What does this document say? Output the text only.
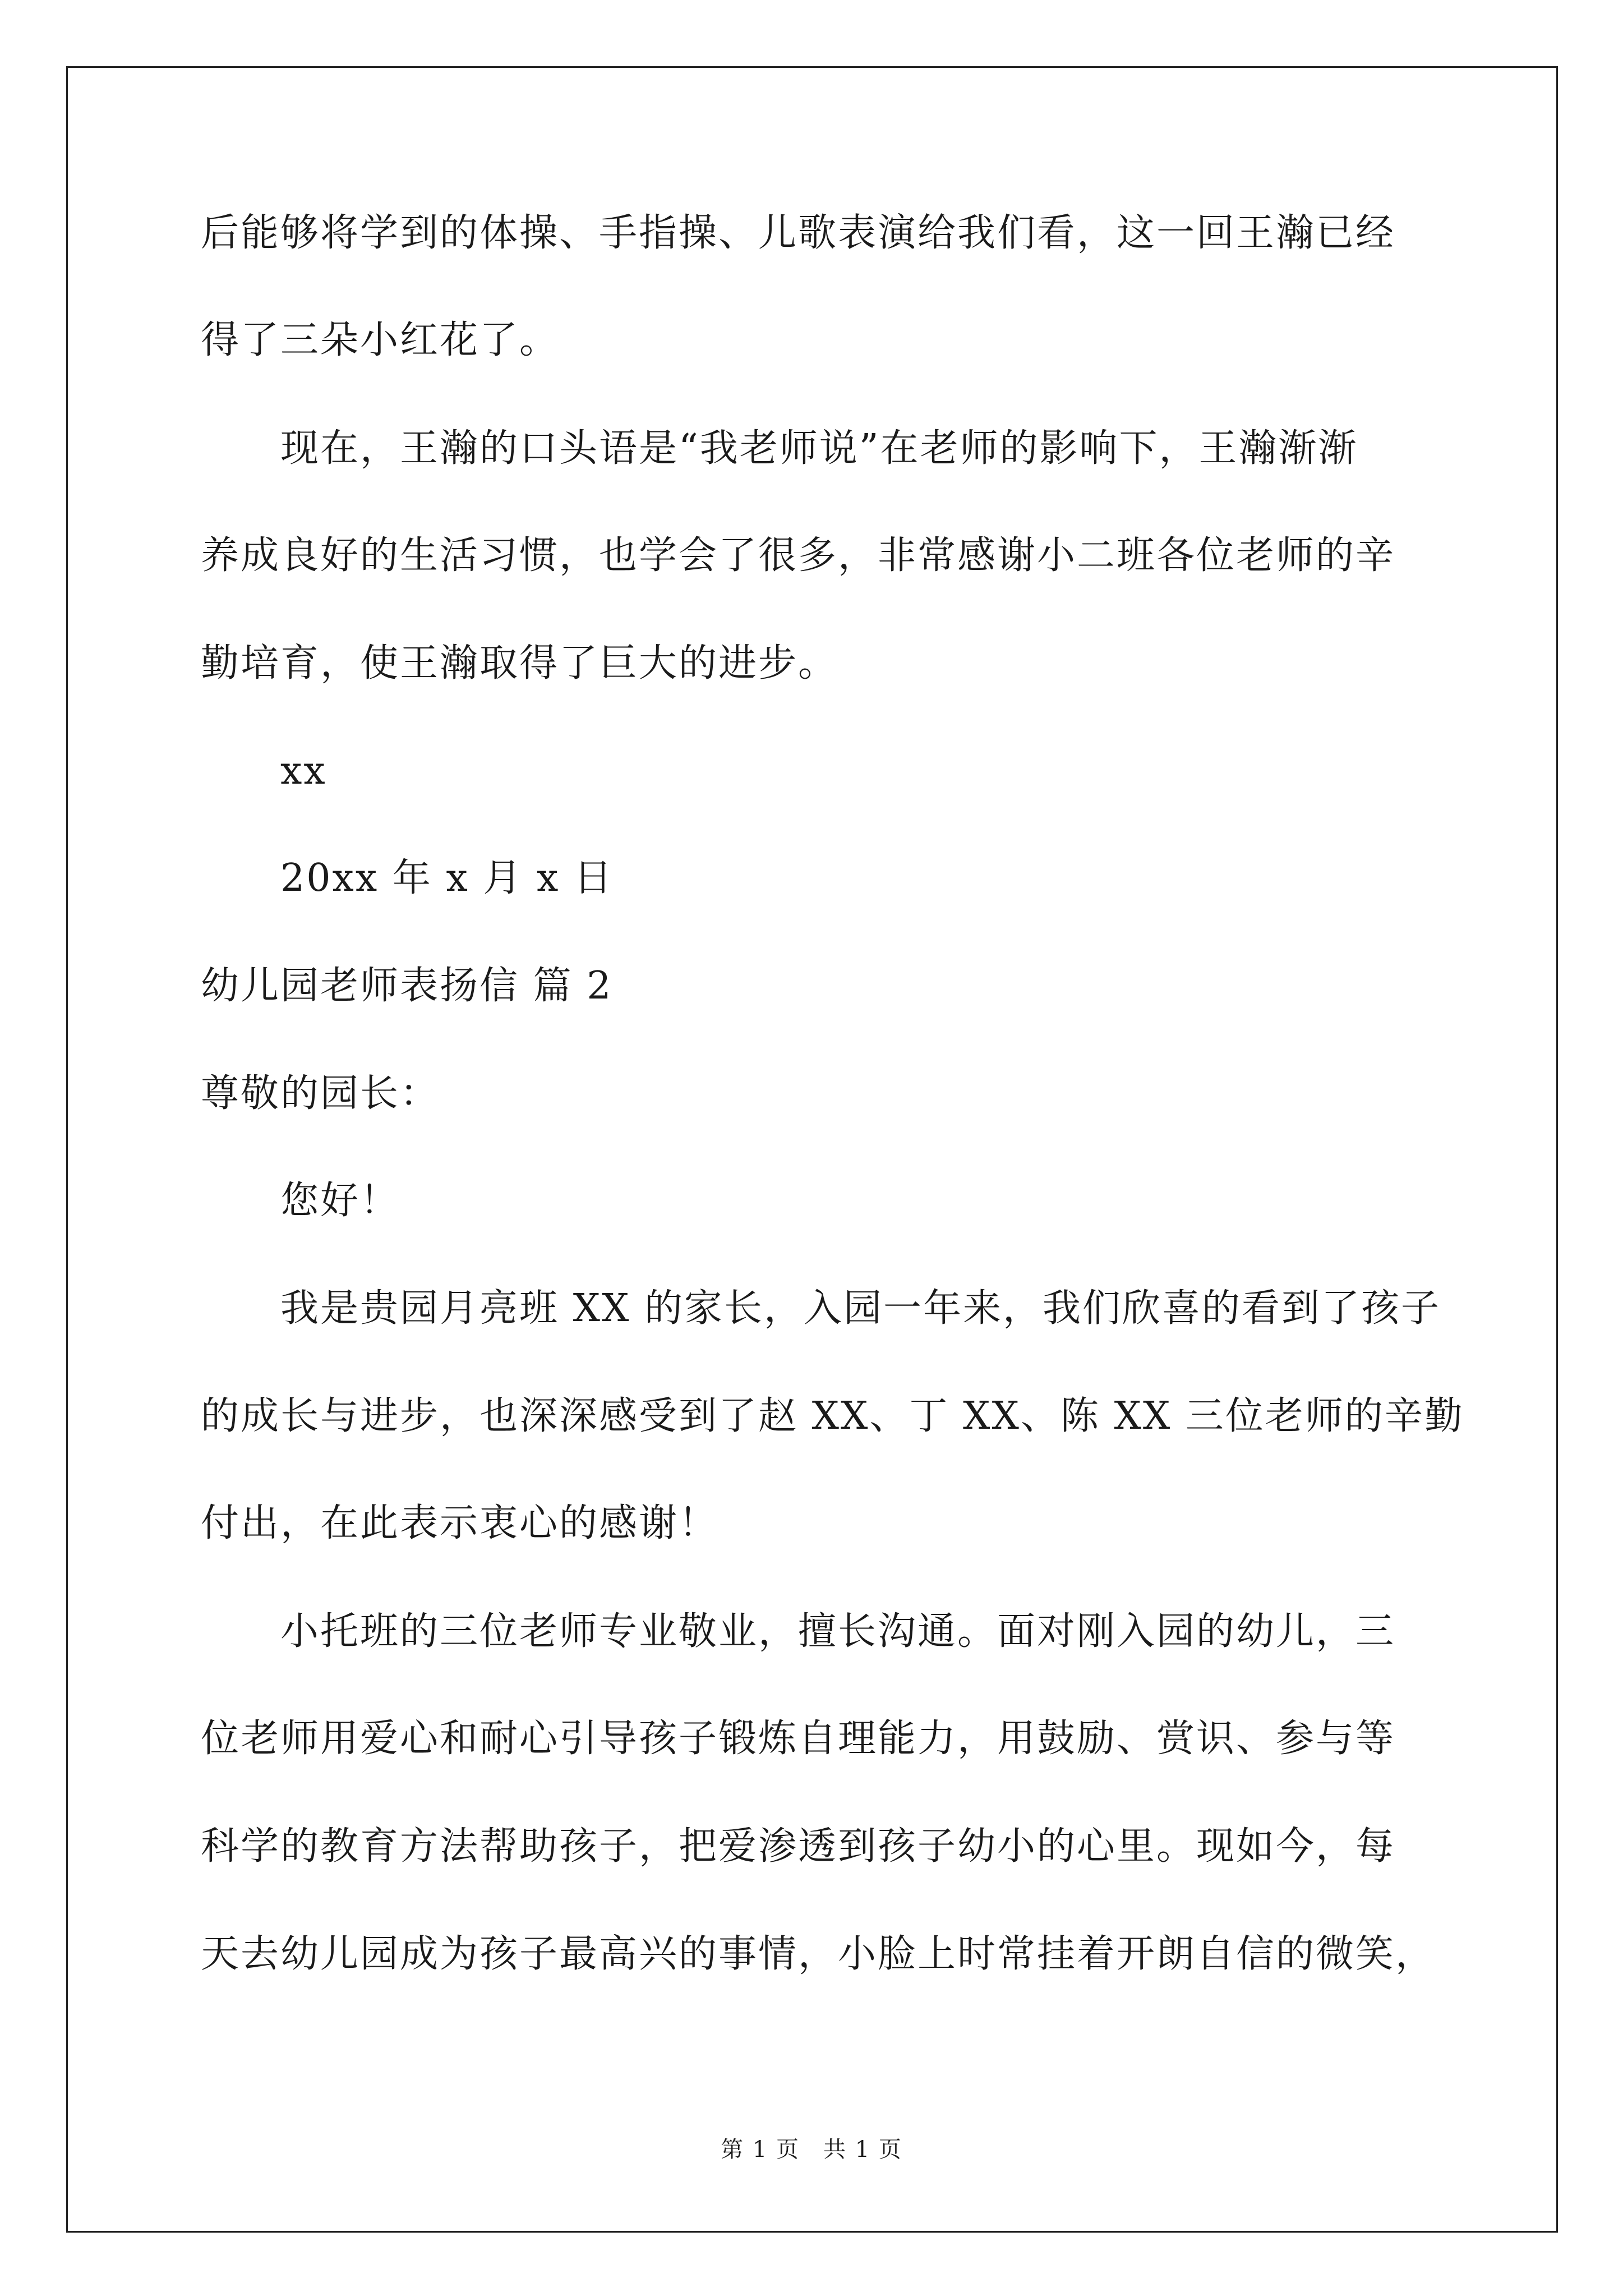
后能够将学到的体操、手指操、儿歌表演给我们看，这一回王瀚已经

得了三朵小红花了。

现在，王瀚的口头语是“我老师说”在老师的影响下，王瀚渐渐

养成良好的生活习惯，也学会了很多，非常感谢小二班各位老师的辛

勤培育，使王瀚取得了巨大的进步。

xx

20xx 年 x 月 x 日

幼儿园老师表扬信 篇 2

尊敬的园长：

您好！

我是贵园月亮班 XX 的家长，入园一年来，我们欣喜的看到了孩子

的成长与进步，也深深感受到了赵 XX、丁 XX、陈 XX 三位老师的辛勤

付出，在此表示衷心的感谢！

小托班的三位老师专业敬业，擅长沟通。面对刚入园的幼儿，三

位老师用爱心和耐心引导孩子锻炼自理能力，用鼓励、赏识、参与等

科学的教育方法帮助孩子，把爱渗透到孩子幼小的心里。现如今，每

天去幼儿园成为孩子最高兴的事情，小脸上时常挂着开朗自信的微笑，

第 1 页　共 1 页
